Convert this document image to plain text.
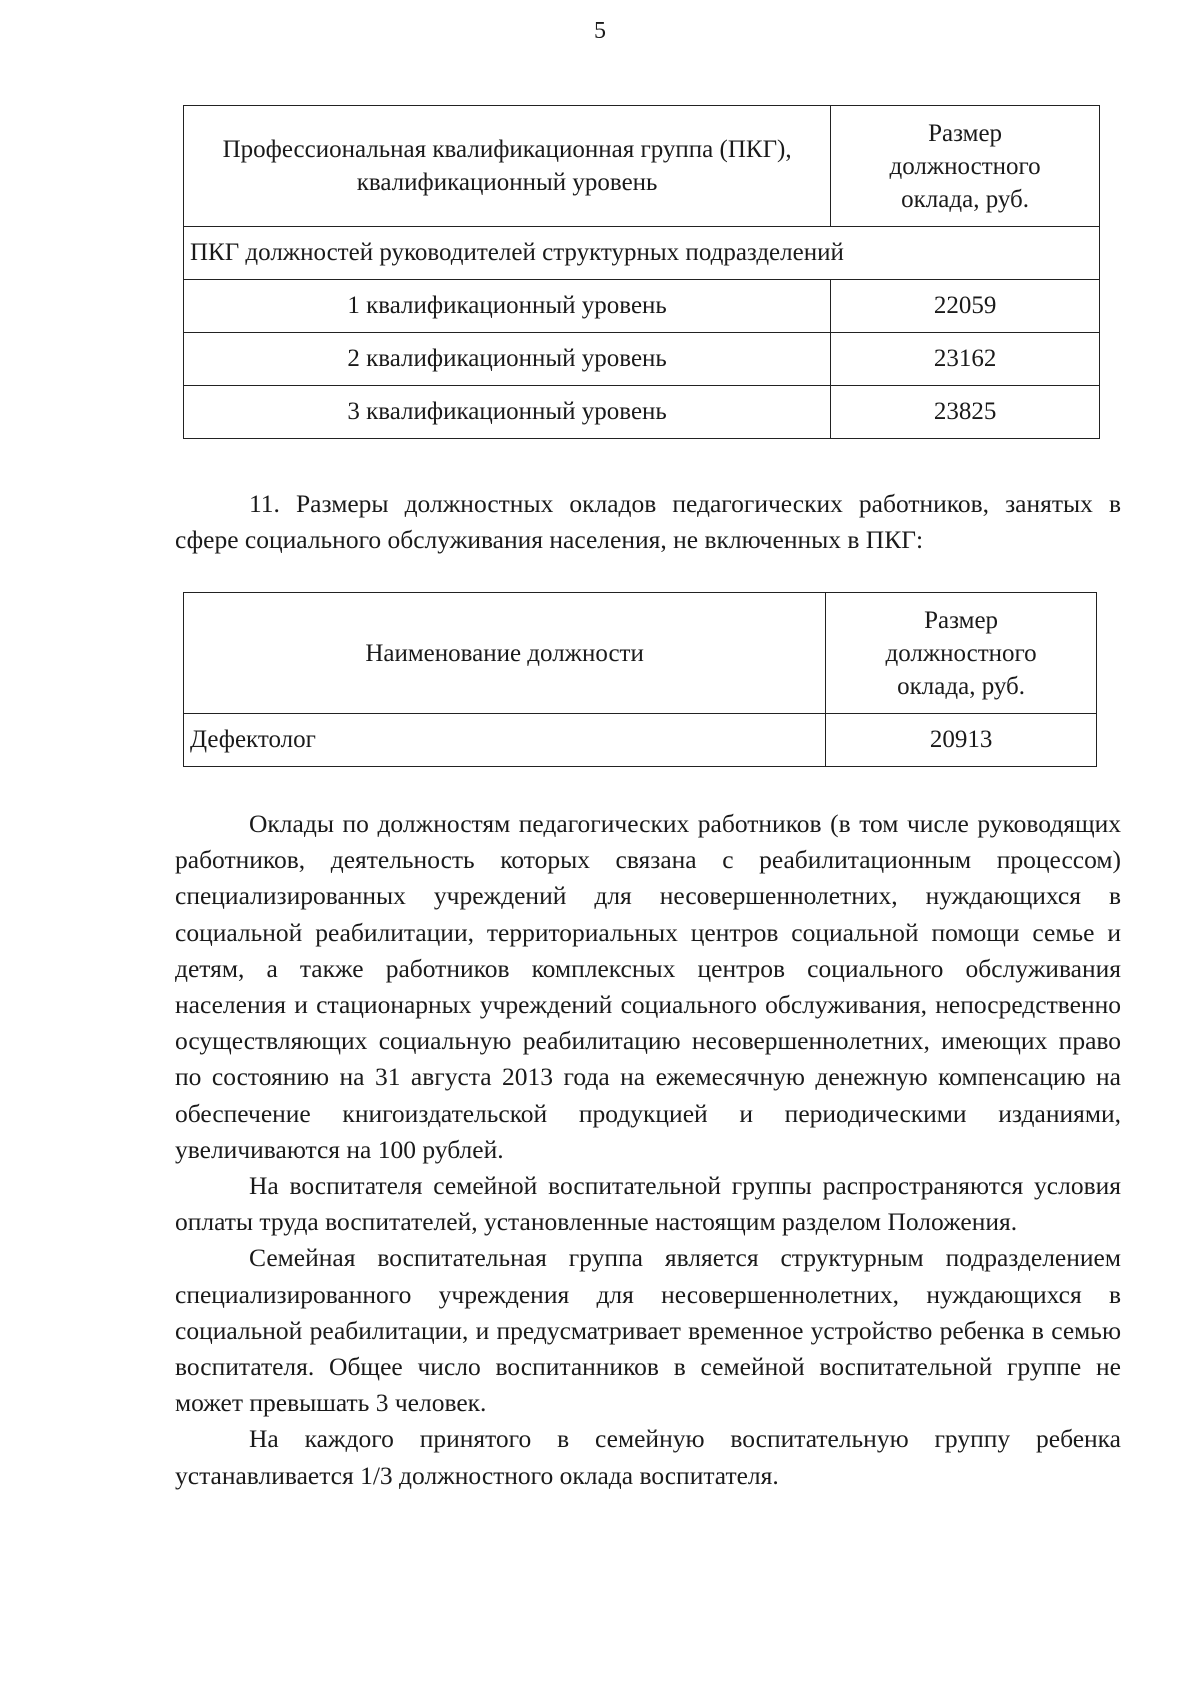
5
Профессиональная квалификационная группа (ПКГ), квалификационный уровень	Размер
должностного
оклада, руб.

ПКГ должностей руководителей структурных подразделений	
1 квалификационный уровень	22059
2 квалификационный уровень	23162
3 квалификационный уровень	23825

11. Размеры должностных окладов педагогических работников, занятых в сфере социального обслуживания населения, не включенных в ПКГ:

Наименование должности	Размер
должностного
оклада, руб.

Дефектолог	20913

Оклады по должностям педагогических работников (в том числе руководящих работников, деятельность которых связана с реабилитационным процессом) специализированных учреждений для несовершеннолетних, нуждающихся в социальной реабилитации, территориальных центров социальной помощи семье и детям, а также работников комплексных центров социального обслуживания населения и стационарных учреждений социального обслуживания, непосредственно осуществляющих социальную реабилитацию несовершеннолетних, имеющих право по состоянию на 31 августа 2013 года на ежемесячную денежную компенсацию на обеспечение книгоиздательской продукцией и периодическими изданиями, увеличиваются на 100 рублей.

На воспитателя семейной воспитательной группы распространяются условия оплаты труда воспитателей, установленные настоящим разделом Положения.

Семейная воспитательная группа является структурным подразделением специализированного учреждения для несовершеннолетних, нуждающихся в социальной реабилитации, и предусматривает временное устройство ребенка в семью воспитателя. Общее число воспитанников в семейной воспитательной группе не может превышать 3 человек.

На каждого принятого в семейную воспитательную группу ребенка устанавливается 1/3 должностного оклада воспитателя.
